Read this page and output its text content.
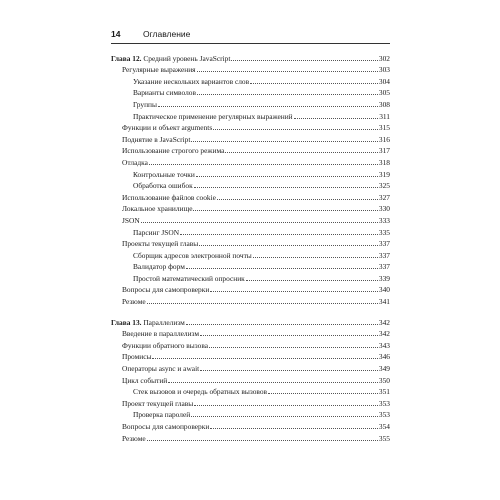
14	Оглавление
Глава 12. Средний уровень JavaScript	302
Регулярные выражения	303
Указание нескольких вариантов слов	304
Варианты символов	305
Группы	308
Практическое применение регулярных выражений	311
Функции и объект arguments	315
Поднятие в JavaScript	316
Использование строгого режима	317
Отладка	318
Контрольные точки	319
Обработка ошибок	325
Использование файлов cookie	327
Локальное хранилище	330
JSON	333
Парсинг JSON	335
Проекты текущей главы	337
Сборщик адресов электронной почты	337
Валидатор форм	337
Простой математический опросник	339
Вопросы для самопроверки	340
Резюме	341
Глава 13. Параллелизм	342
Введение в параллелизм	342
Функции обратного вызова	343
Промисы	346
Операторы async и await	349
Цикл событий	350
Стек вызовов и очередь обратных вызовов	351
Проект текущей главы	353
Проверка паролей	353
Вопросы для самопроверки	354
Резюме	355
